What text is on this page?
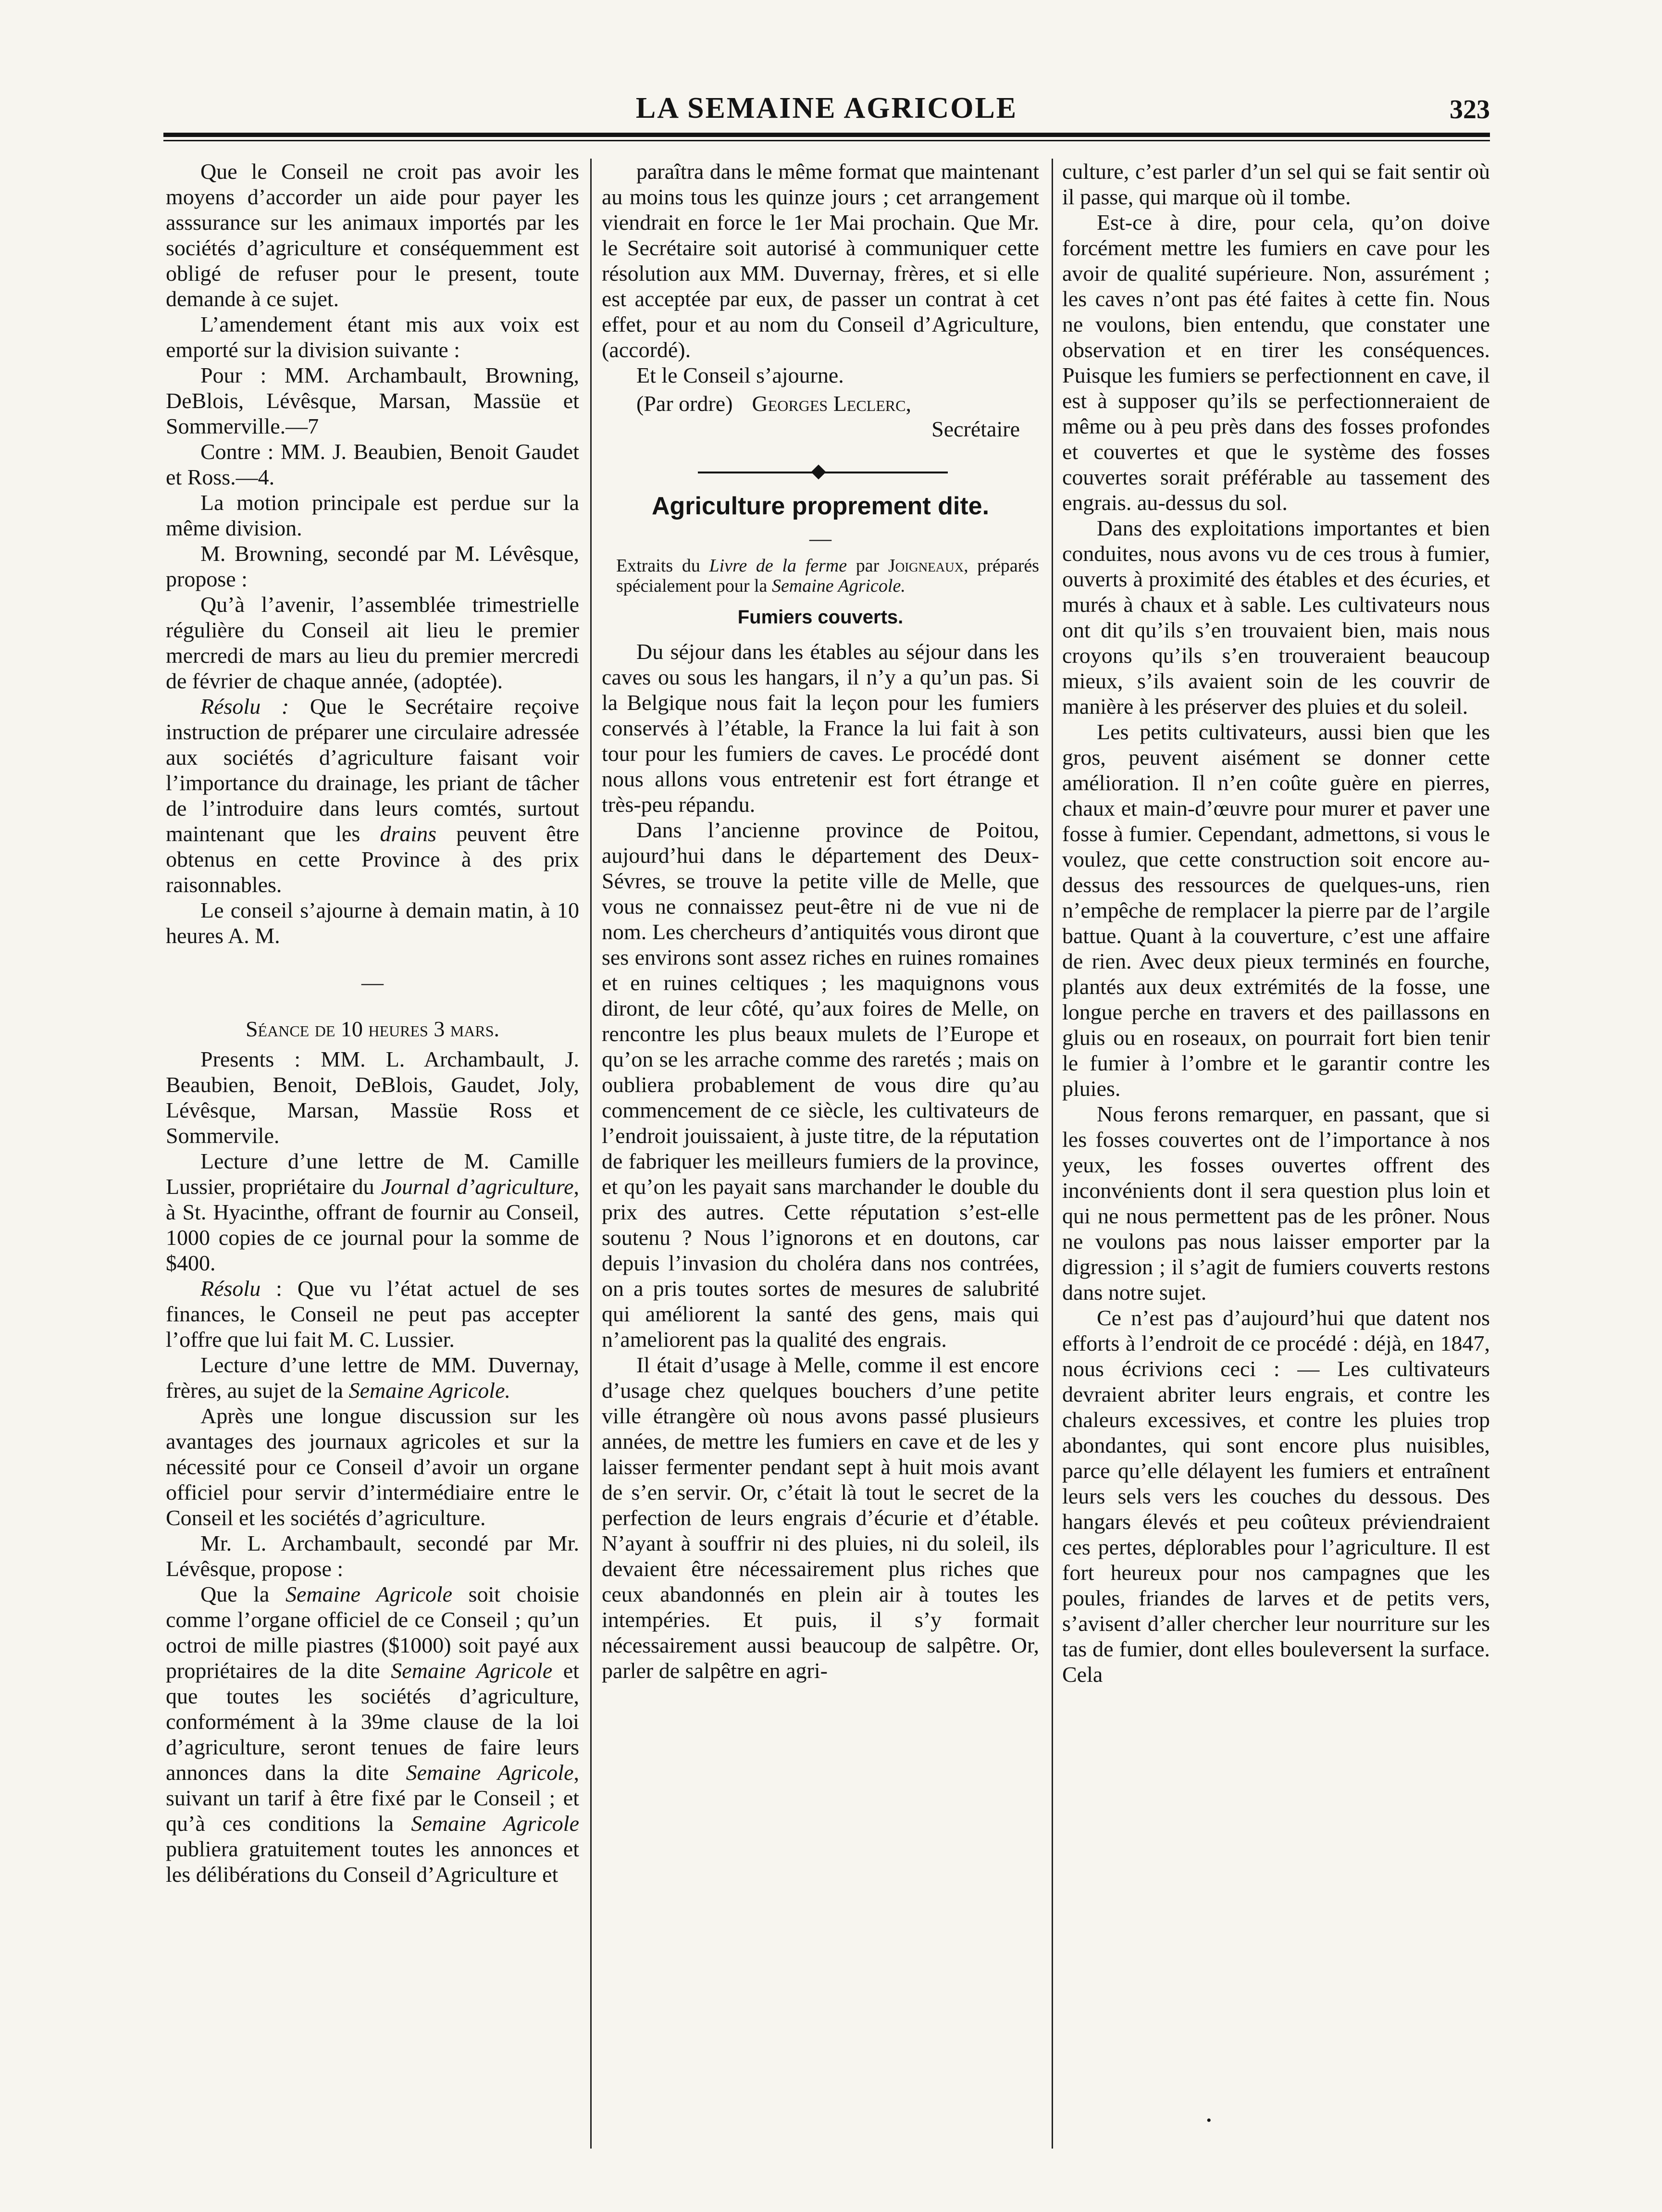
LA SEMAINE AGRICOLE	323

Que le Conseil ne croit pas avoir les moyens d’accorder un aide pour payer les asssurance sur les animaux importés par les sociétés d’agriculture et conséquemment est obligé de refuser pour le present, toute demande à ce sujet.

L’amendement étant mis aux voix est emporté sur la division suivante :

Pour : MM. Archambault, Browning, DeBlois, Lévêsque, Marsan, Massüe et Sommerville.—7

Contre : MM. J. Beaubien, Benoit Gaudet et Ross.—4.

La motion principale est perdue sur la même division.

M. Browning, secondé par M. Lévêsque, propose :

Qu’à l’avenir, l’assemblée trimestrielle régulière du Conseil ait lieu le premier mercredi de mars au lieu du premier mercredi de février de chaque année, (adoptée).

Résolu : Que le Secrétaire reçoive instruction de préparer une circulaire adressée aux sociétés d’agriculture faisant voir l’importance du drainage, les priant de tâcher de l’introduire dans leurs comtés, surtout maintenant que les drains peuvent être obtenus en cette Province à des prix raisonnables.

Le conseil s’ajourne à demain matin, à 10 heures A. M.

—

Séance de 10 heures 3 mars.

Presents : MM. L. Archambault, J. Beaubien, Benoit, DeBlois, Gaudet, Joly, Lévêsque, Marsan, Massüe Ross et Sommervile.

Lecture d’une lettre de M. Camille Lussier, propriétaire du Journal d’agriculture, à St. Hyacinthe, offrant de fournir au Conseil, 1000 copies de ce journal pour la somme de $400.

Résolu : Que vu l’état actuel de ses finances, le Conseil ne peut pas accepter l’offre que lui fait M. C. Lussier.

Lecture d’une lettre de MM. Duvernay, frères, au sujet de la Semaine Agricole.

Après une longue discussion sur les avantages des journaux agricoles et sur la nécessité pour ce Conseil d’avoir un organe officiel pour servir d’intermédiaire entre le Conseil et les sociétés d’agriculture.

Mr. L. Archambault, secondé par Mr. Lévêsque, propose :

Que la Semaine Agricole soit choisie comme l’organe officiel de ce Conseil ; qu’un octroi de mille piastres ($1000) soit payé aux propriétaires de la dite Semaine Agricole et que toutes les sociétés d’agriculture, conformément à la 39me clause de la loi d’agriculture, seront tenues de faire leurs annonces dans la dite Semaine Agricole, suivant un tarif à être fixé par le Conseil ; et qu’à ces conditions la Semaine Agricole publiera gratuitement toutes les annonces et les délibérations du Conseil d’Agriculture et

paraîtra dans le même format que maintenant au moins tous les quinze jours ; cet arrangement viendrait en force le 1er Mai prochain. Que Mr. le Secrétaire soit autorisé à communiquer cette résolution aux MM. Duvernay, frères, et si elle est acceptée par eux, de passer un contrat à cet effet, pour et au nom du Conseil d’Agriculture, (accordé).

Et le Conseil s’ajourne.

(Par ordre) Georges Leclerc,

Secrétaire

Agriculture proprement dite.

—

Extraits du Livre de la ferme par Joigneaux, préparés spécialement pour la Semaine Agricole.

Fumiers couverts.

Du séjour dans les étables au séjour dans les caves ou sous les hangars, il n’y a qu’un pas. Si la Belgique nous fait la leçon pour les fumiers conservés à l’étable, la France la lui fait à son tour pour les fumiers de caves. Le procédé dont nous allons vous entretenir est fort étrange et très-peu répandu.

Dans l’ancienne province de Poitou, aujourd’hui dans le département des Deux-Sévres, se trouve la petite ville de Melle, que vous ne connaissez peut-être ni de vue ni de nom. Les chercheurs d’antiquités vous diront que ses environs sont assez riches en ruines romaines et en ruines celtiques ; les maquignons vous diront, de leur côté, qu’aux foires de Melle, on rencontre les plus beaux mulets de l’Europe et qu’on se les arrache comme des raretés ; mais on oubliera probablement de vous dire qu’au commencement de ce siècle, les cultivateurs de l’endroit jouissaient, à juste titre, de la réputation de fabriquer les meilleurs fumiers de la province, et qu’on les payait sans marchander le double du prix des autres. Cette réputation s’est-elle soutenu ? Nous l’ignorons et en doutons, car depuis l’invasion du choléra dans nos contrées, on a pris toutes sortes de mesures de salubrité qui améliorent la santé des gens, mais qui n’ameliorent pas la qualité des engrais.

Il était d’usage à Melle, comme il est encore d’usage chez quelques bouchers d’une petite ville étrangère où nous avons passé plusieurs années, de mettre les fumiers en cave et de les y laisser fermenter pendant sept à huit mois avant de s’en servir. Or, c’était là tout le secret de la perfection de leurs engrais d’écurie et d’étable. N’ayant à souffrir ni des pluies, ni du soleil, ils devaient être nécessairement plus riches que ceux abandonnés en plein air à toutes les intempéries. Et puis, il s’y formait nécessairement aussi beaucoup de salpêtre. Or, parler de salpêtre en agri-

culture, c’est parler d’un sel qui se fait sentir où il passe, qui marque où il tombe.

Est-ce à dire, pour cela, qu’on doive forcément mettre les fumiers en cave pour les avoir de qualité supérieure. Non, assurément ; les caves n’ont pas été faites à cette fin. Nous ne voulons, bien entendu, que constater une observation et en tirer les conséquences. Puisque les fumiers se perfectionnent en cave, il est à supposer qu’ils se perfectionneraient de même ou à peu près dans des fosses profondes et couvertes et que le système des fosses couvertes sorait préférable au tassement des engrais. au-dessus du sol.

Dans des exploitations importantes et bien conduites, nous avons vu de ces trous à fumier, ouverts à proximité des étables et des écuries, et murés à chaux et à sable. Les cultivateurs nous ont dit qu’ils s’en trouvaient bien, mais nous croyons qu’ils s’en trouveraient beaucoup mieux, s’ils avaient soin de les couvrir de manière à les préserver des pluies et du soleil.

Les petits cultivateurs, aussi bien que les gros, peuvent aisément se donner cette amélioration. Il n’en coûte guère en pierres, chaux et main-d’œuvre pour murer et paver une fosse à fumier. Cependant, admettons, si vous le voulez, que cette construction soit encore au-dessus des ressources de quelques-uns, rien n’empêche de remplacer la pierre par de l’argile battue. Quant à la couverture, c’est une affaire de rien. Avec deux pieux terminés en fourche, plantés aux deux extrémités de la fosse, une longue perche en travers et des paillassons en gluis ou en roseaux, on pourrait fort bien tenir le fumier à l’ombre et le garantir contre les pluies.

Nous ferons remarquer, en passant, que si les fosses couvertes ont de l’importance à nos yeux, les fosses ouvertes offrent des inconvénients dont il sera question plus loin et qui ne nous permettent pas de les prôner. Nous ne voulons pas nous laisser emporter par la digression ; il s’agit de fumiers couverts restons dans notre sujet.

Ce n’est pas d’aujourd’hui que datent nos efforts à l’endroit de ce procédé : déjà, en 1847, nous écrivions ceci : — Les cultivateurs devraient abriter leurs engrais, et contre les chaleurs excessives, et contre les pluies trop abondantes, qui sont encore plus nuisibles, parce qu’elle délayent les fumiers et entraînent leurs sels vers les couches du dessous. Des hangars élevés et peu coûteux préviendraient ces pertes, déplorables pour l’agriculture. Il est fort heureux pour nos campagnes que les poules, friandes de larves et de petits vers, s’avisent d’aller chercher leur nourriture sur les tas de fumier, dont elles bouleversent la surface. Cela

•
